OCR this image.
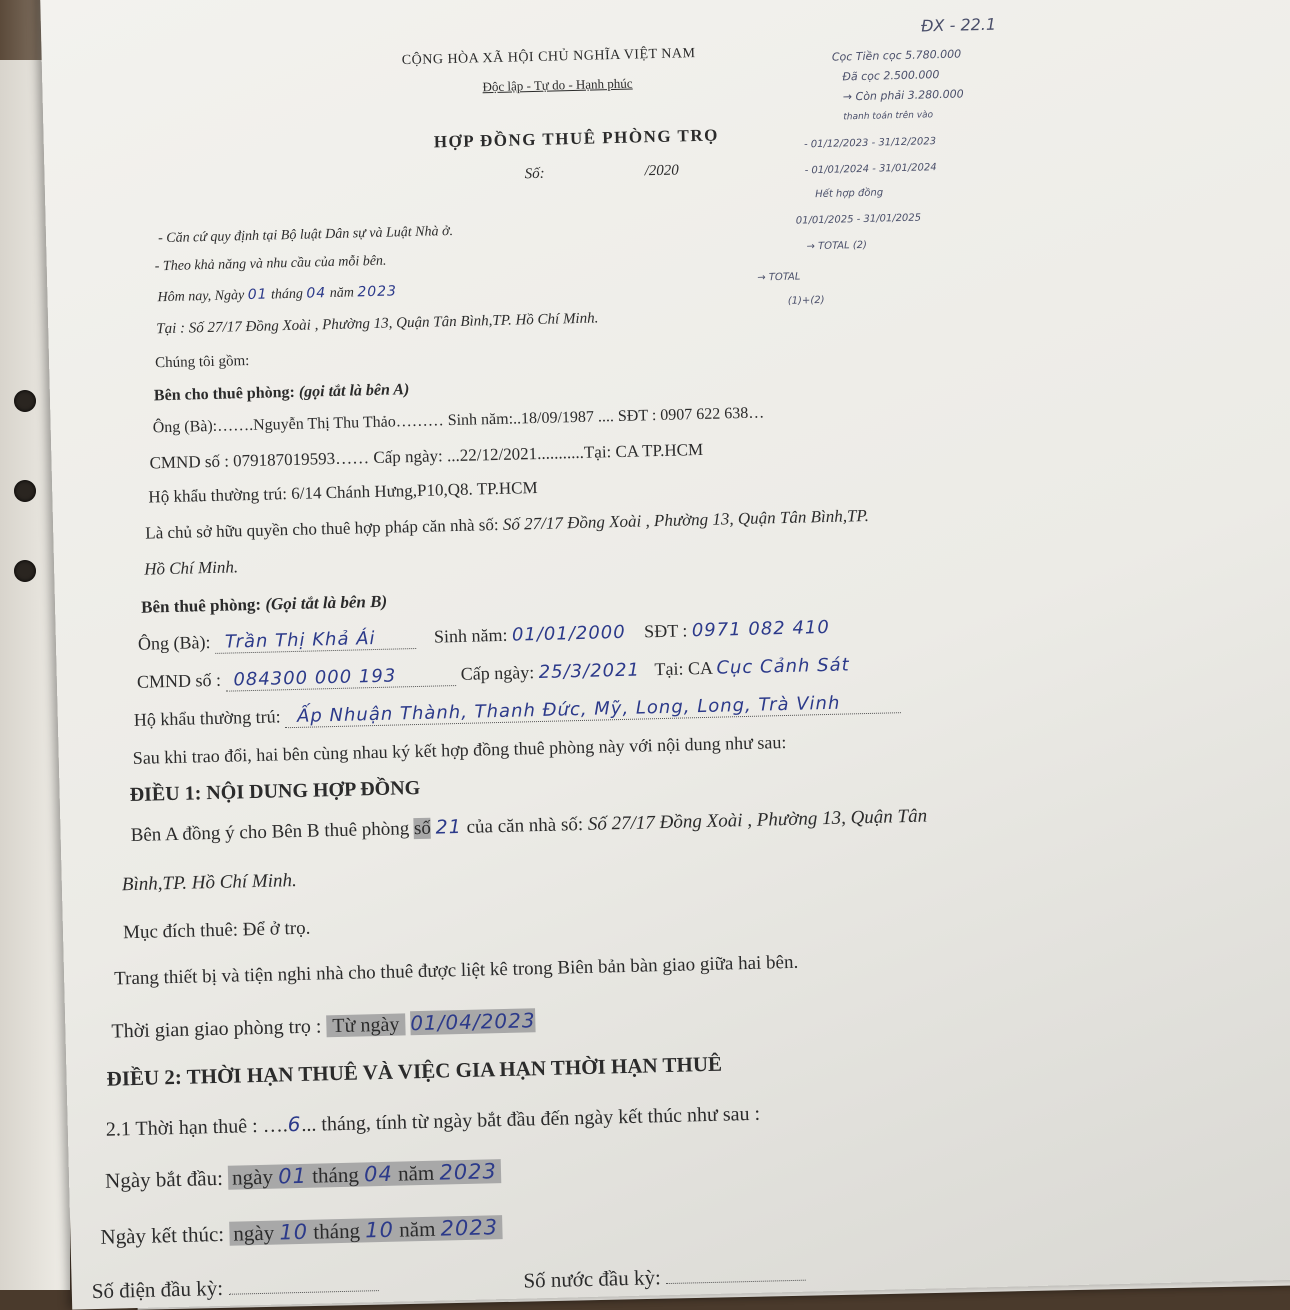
CỘNG HÒA XÃ HỘI CHỦ NGHĨA VIỆT NAM
Độc lập - Tự do - Hạnh phúc
HỢP ĐỒNG THUÊ PHÒNG TRỌ
Số:	/2020
ĐX - 22.1
Cọc Tiền cọc 5.780.000
Đã cọc 2.500.000
→ Còn phải 3.280.000
thanh toán trên vào
- 01/12/2023 - 31/12/2023
- 01/01/2024 - 31/01/2024
Hết hợp đồng
01/01/2025 - 31/01/2025
→ TOTAL (2)
→ TOTAL
(1)+(2)
- Căn cứ quy định tại Bộ luật Dân sự và Luật Nhà ở.
- Theo khả năng và nhu cầu của mỗi bên.
Hôm nay, Ngày 01 tháng 04 năm 2023
Tại : Số 27/17 Đồng Xoài , Phường 13, Quận Tân Bình,TP. Hồ Chí Minh.
Chúng tôi gồm:
Bên cho thuê phòng: (gọi tắt là bên A)
Ông (Bà):…….Nguyễn Thị Thu Thảo……… Sinh năm:..18/09/1987 .... SĐT : 0907 622 638…
CMND số : 079187019593…… Cấp ngày: ...22/12/2021...........Tại: CA TP.HCM
Hộ khẩu thường trú: 6/14 Chánh Hưng,P10,Q8. TP.HCM
Là chủ sở hữu quyền cho thuê hợp pháp căn nhà số: Số 27/17 Đồng Xoài , Phường 13, Quận Tân Bình,TP.
Hồ Chí Minh.
Bên thuê phòng: (Gọi tắt là bên B)
Ông (Bà): Trần Thị Khả Ái	Sinh năm: 01/01/2000 SĐT : 0971 082 410
CMND số : 084300 000 193	Cấp ngày: 25/3/2021 Tại: CA Cục Cảnh Sát
Hộ khẩu thường trú: Ấp Nhuận Thành, Thanh Đức, Mỹ, Long, Long, Trà Vinh
Sau khi trao đổi, hai bên cùng nhau ký kết hợp đồng thuê phòng này với nội dung như sau:
ĐIỀU 1: NỘI DUNG HỢP ĐỒNG
Bên A đồng ý cho Bên B thuê phòng số 21 của căn nhà số: Số 27/17 Đồng Xoài , Phường 13, Quận Tân
Bình,TP. Hồ Chí Minh.
Mục đích thuê: Để ở trọ.
Trang thiết bị và tiện nghi nhà cho thuê được liệt kê trong Biên bản bàn giao giữa hai bên.
Thời gian giao phòng trọ : Từ ngày 01/04/2023
ĐIỀU 2: THỜI HẠN THUÊ VÀ VIỆC GIA HẠN THỜI HẠN THUÊ
2.1 Thời hạn thuê : ….6... tháng, tính từ ngày bắt đầu đến ngày kết thúc như sau :
Ngày bắt đầu: ngày 01 tháng 04 năm 2023
Ngày kết thúc: ngày 10 tháng 10 năm 2023
Số điện đầu kỳ:	Số nước đầu kỳ:
